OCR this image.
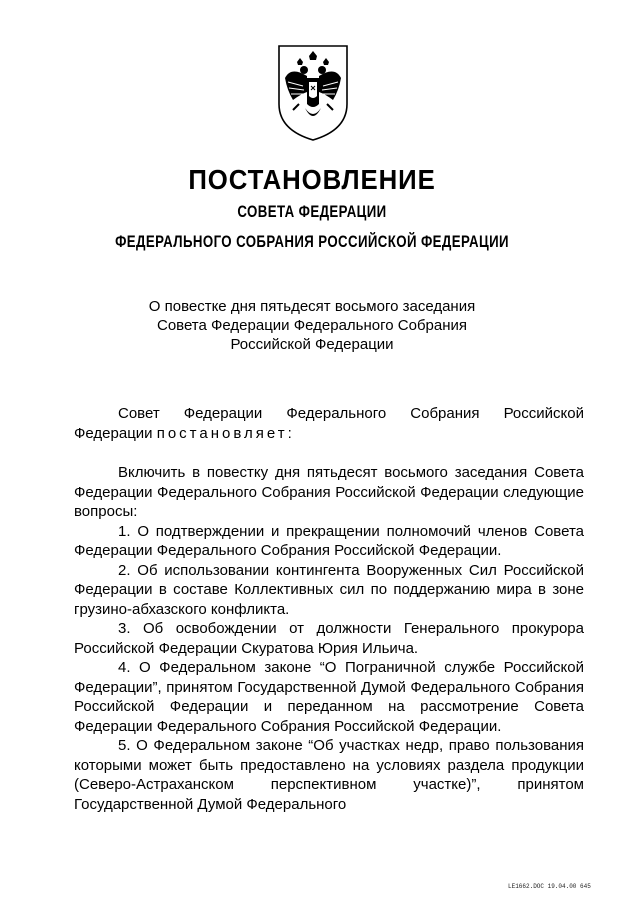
ПОСТАНОВЛЕНИЕ
СОВЕТА ФЕДЕРАЦИИ
ФЕДЕРАЛЬНОГО СОБРАНИЯ РОССИЙСКОЙ ФЕДЕРАЦИИ
О повестке дня пятьдесят восьмого заседания
Совета Федерации Федерального Собрания
Российской Федерации

Совет Федерации Федерального Собрания Российской Федерации постановляет:

Включить в повестку дня пятьдесят восьмого заседания Совета Федерации Федерального Собрания Российской Федерации следующие вопросы:

1. О подтверждении и прекращении полномочий членов Совета Федерации Федерального Собрания Российской Федерации.

2. Об использовании контингента Вооруженных Сил Российской Федерации в составе Коллективных сил по поддержанию мира в зоне грузино-абхазского конфликта.

3. Об освобождении от должности Генерального прокурора Российской Федерации Скуратова Юрия Ильича.

4. О Федеральном законе “О Пограничной службе Российской Федерации”, принятом Государственной Думой Федерального Собрания Российской Федерации и переданном на рассмотрение Совета Федерации Федерального Собрания Российской Федерации.

5. О Федеральном законе “Об участках недр, право пользования которыми может быть предоставлено на условиях раздела продукции (Северо-Астраханском перспективном участке)”, принятом Государственной Думой Федерального

LE1662.DOC 19.04.00 645
